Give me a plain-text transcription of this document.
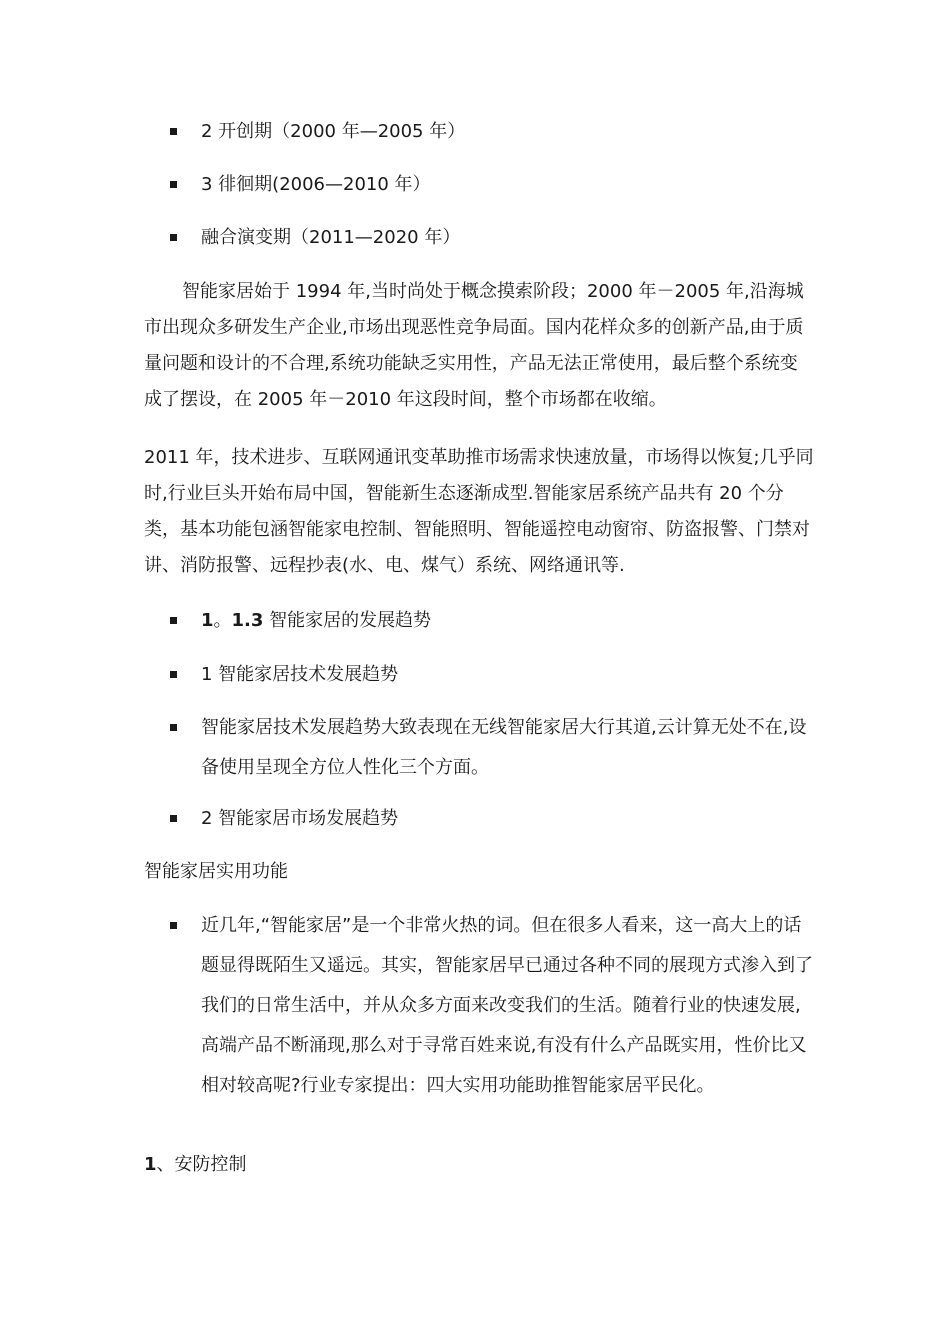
2 开创期（2000 年—2005 年）
3 徘徊期(2006—2010 年）
融合演变期（2011—2020 年）

智能家居始于 1994 年,当时尚处于概念摸索阶段；2000 年－2005 年,沿海城市出现众多研发生产企业,市场出现恶性竞争局面。国内花样众多的创新产品,由于质量问题和设计的不合理,系统功能缺乏实用性，产品无法正常使用，最后整个系统变成了摆设，在 2005 年－2010 年这段时间，整个市场都在收缩。

2011 年，技术进步、互联网通讯变革助推市场需求快速放量，市场得以恢复;几乎同时,行业巨头开始布局中国，智能新生态逐渐成型.智能家居系统产品共有 20 个分类，基本功能包涵智能家电控制、智能照明、智能遥控电动窗帘、防盗报警、门禁对讲、消防报警、远程抄表(水、电、煤气）系统、网络通讯等.

1。1.3 智能家居的发展趋势
1 智能家居技术发展趋势
智能家居技术发展趋势大致表现在无线智能家居大行其道,云计算无处不在,设备使用呈现全方位人性化三个方面。
2 智能家居市场发展趋势

智能家居实用功能

近几年,“智能家居”是一个非常火热的词。但在很多人看来，这一高大上的话题显得既陌生又遥远。其实，智能家居早已通过各种不同的展现方式渗入到了我们的日常生活中，并从众多方面来改变我们的生活。随着行业的快速发展,高端产品不断涌现,那么对于寻常百姓来说,有没有什么产品既实用，性价比又相对较高呢?行业专家提出：四大实用功能助推智能家居平民化。

1、安防控制
